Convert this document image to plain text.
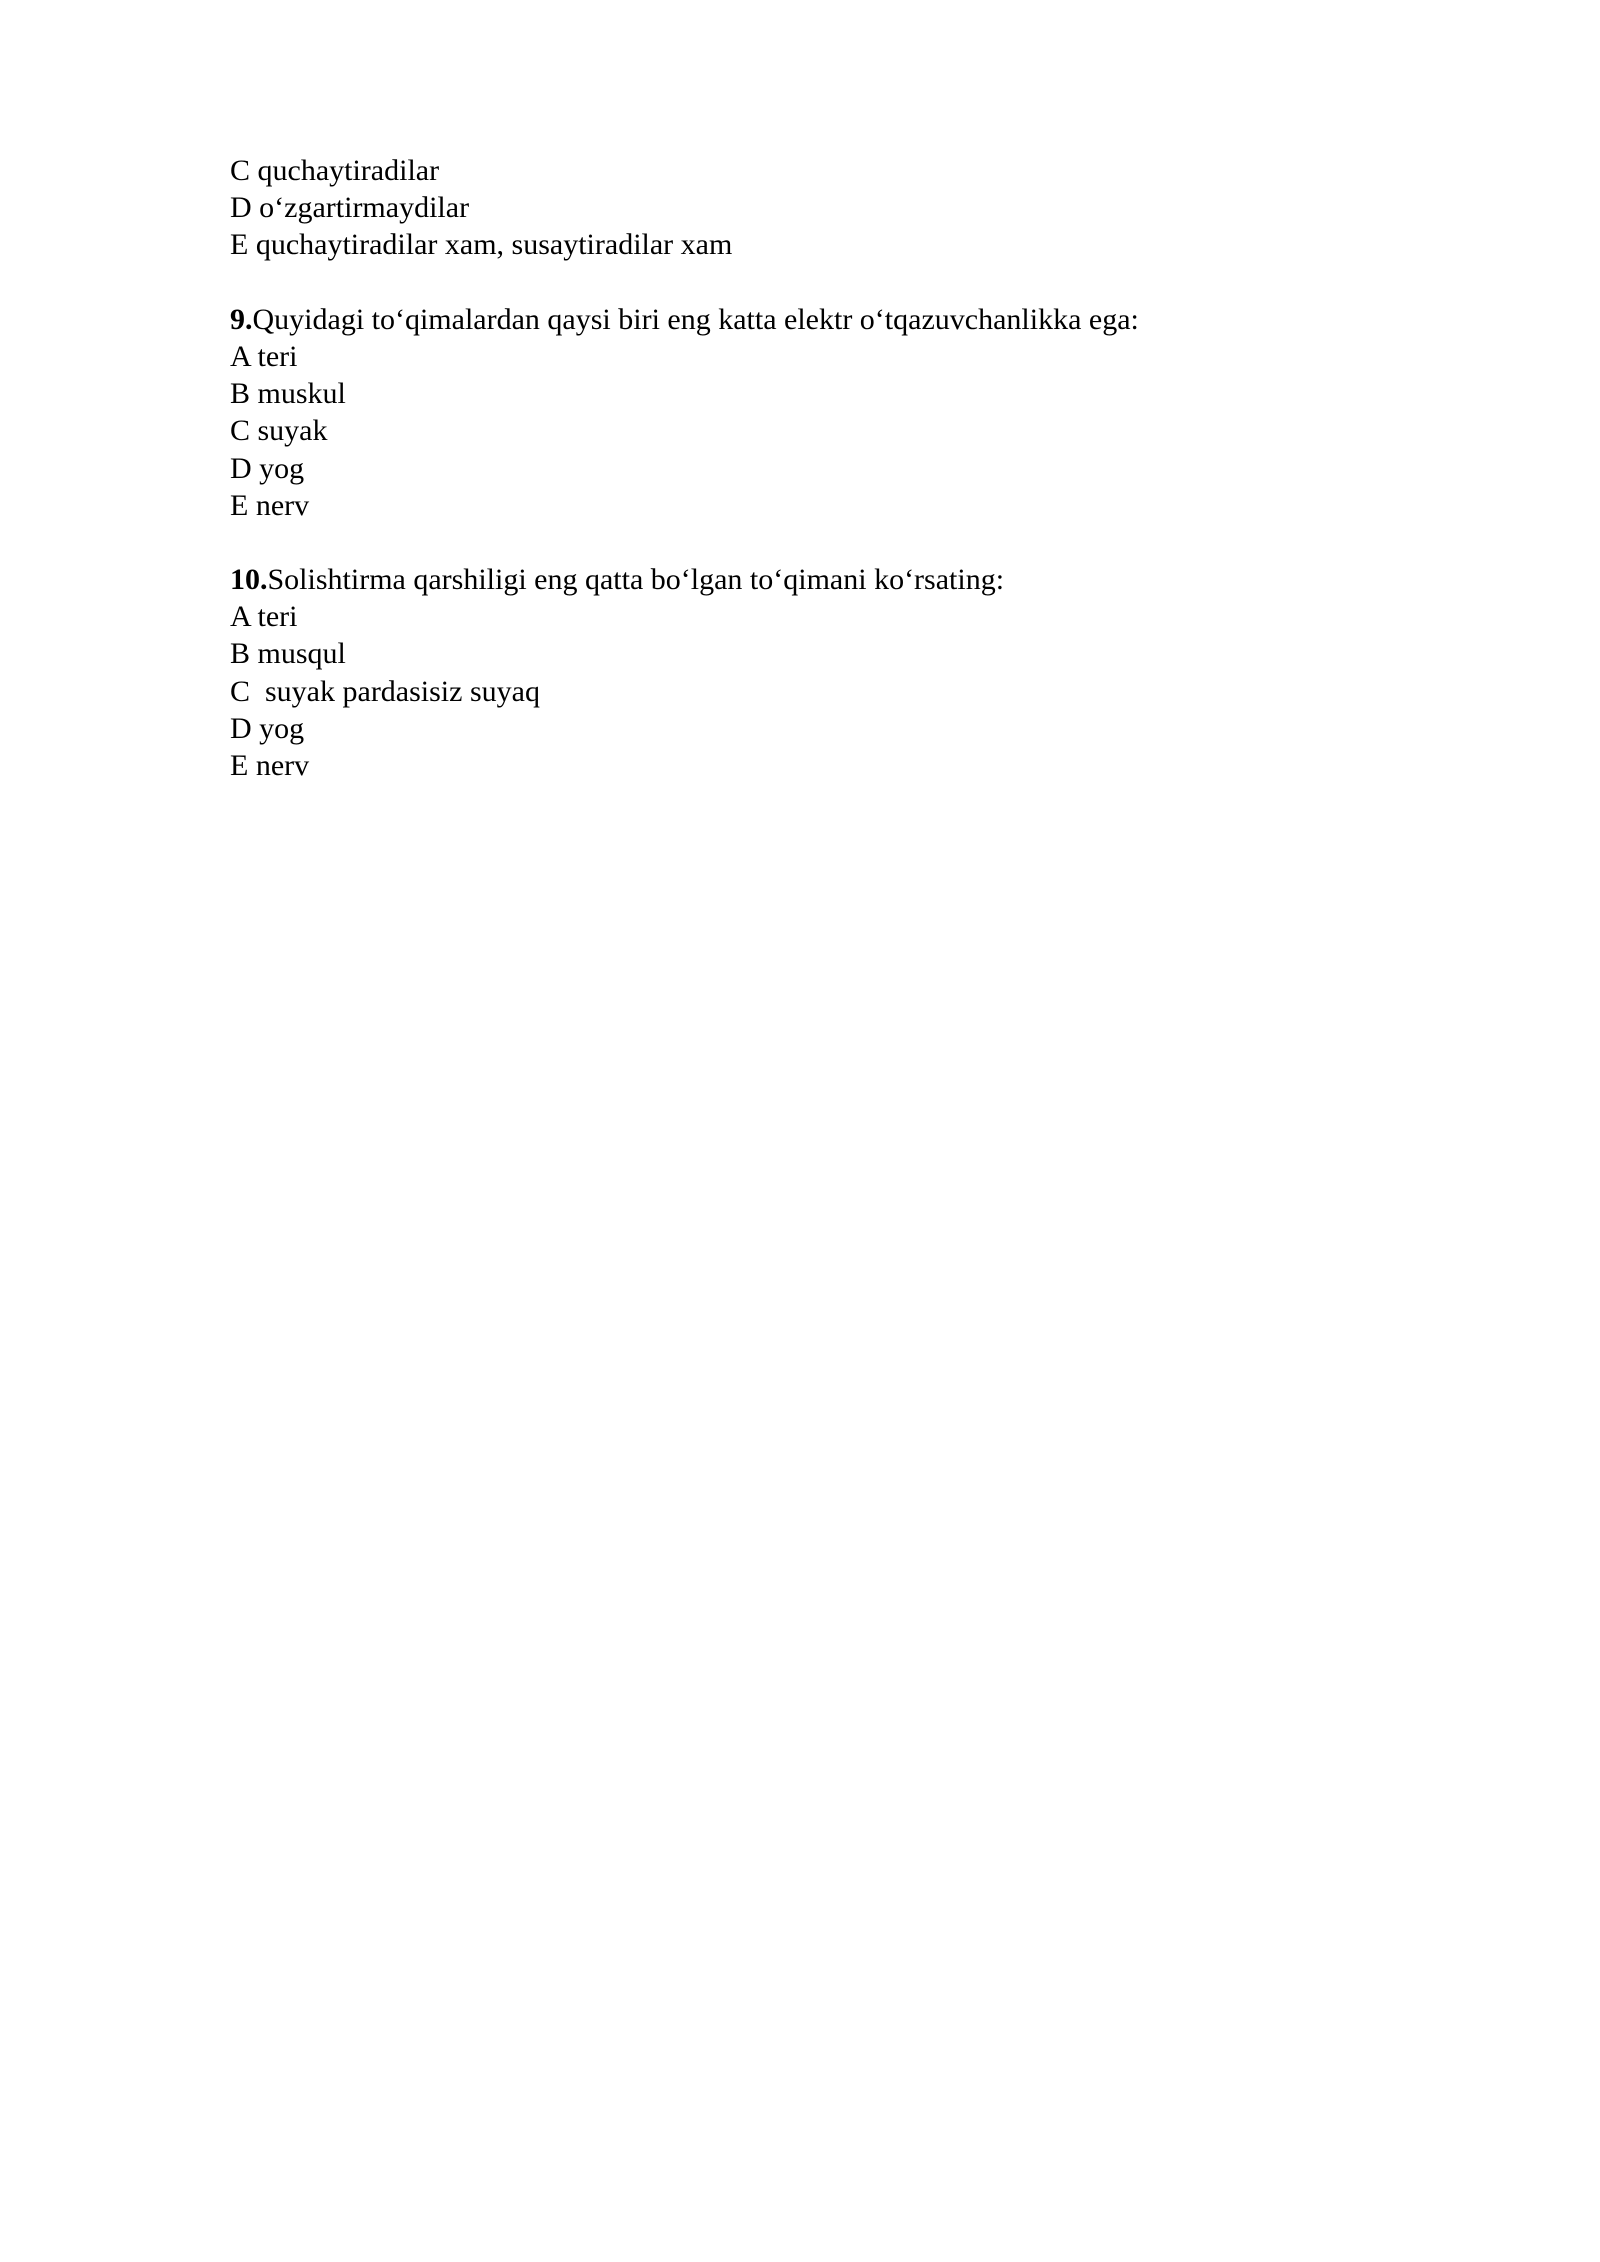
C quchaytiradilar
D o‘zgartirmaydilar
E quchaytiradilar xam, susaytiradilar xam
9.Quyidagi to‘qimalardan qaysi biri eng katta elektr o‘tqazuvchanlikka ega:
A teri
B muskul
C suyak
D yog
E nerv
10.Solishtirma qarshiligi eng qatta bo‘lgan to‘qimani ko‘rsating:
A teri
B musqul
C  suyak pardasisiz suyaq
D yog
E nerv
